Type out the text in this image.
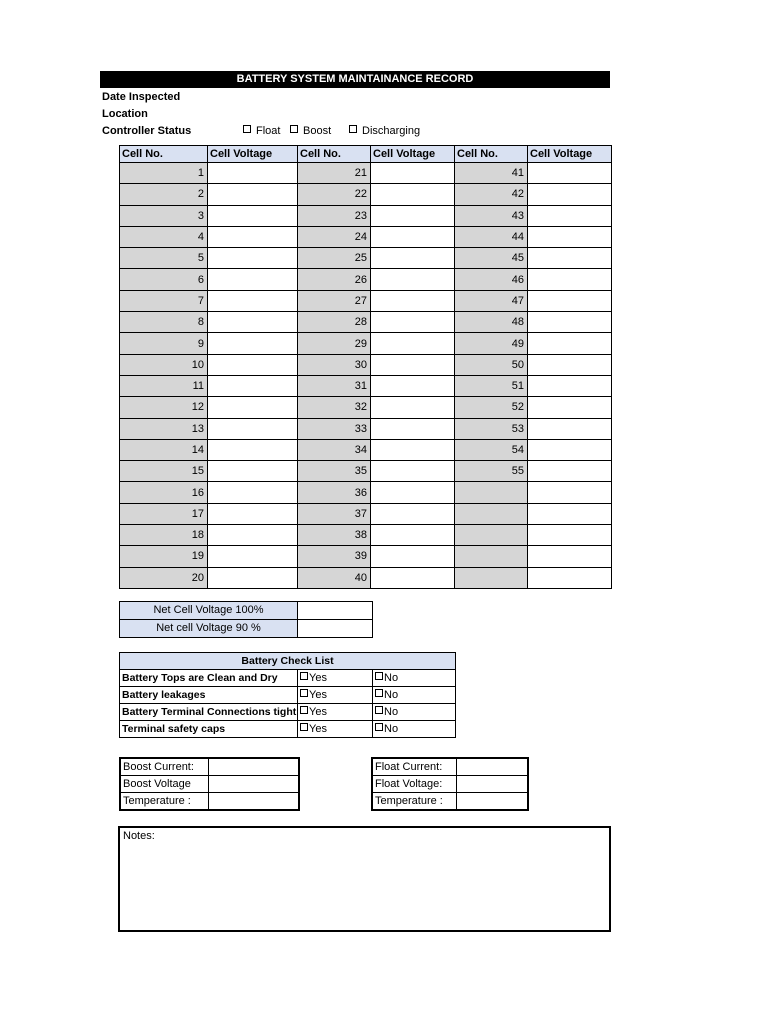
BATTERY SYSTEM MAINTAINANCE RECORD
Date Inspected
Location
Controller Status	Float	Boost	Discharging
Cell No.	Cell Voltage	Cell No.	Cell Voltage	Cell No.	Cell Voltage
1		21		41	
2		22		42	
3		23		43	
4		24		44	
5		25		45	
6		26		46	
7		27		47	
8		28		48	
9		29		49	
10		30		50	
11		31		51	
12		32		52	
13		33		53	
14		34		54	
15		35		55	
16		36			
17		37			
18		38			
19		39			
20		40			
Net Cell Voltage 100%	
Net cell Voltage 90 %	
Battery Check List		
Battery Tops are Clean and Dry	Yes	No
Battery leakages	Yes	No
Battery Terminal Connections tight	Yes	No
Terminal safety caps	Yes	No
Boost Current:	
Boost Voltage	
Temperature :	
Float Current:	
Float Voltage:	
Temperature :	
Notes:
